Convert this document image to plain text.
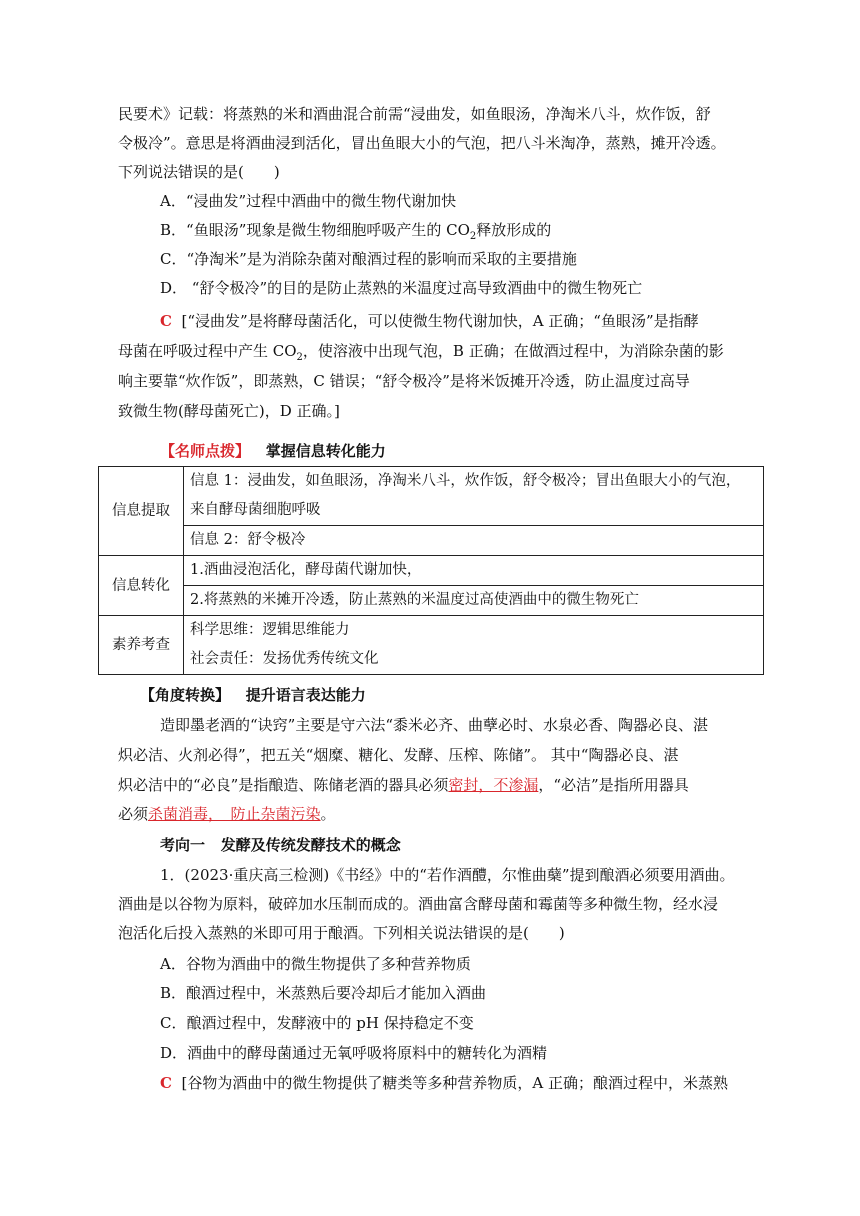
民要术》记载：将蒸熟的米和酒曲混合前需“浸曲发，如鱼眼汤，净淘米八斗，炊作饭，舒
令极冷”。意思是将酒曲浸到活化，冒出鱼眼大小的气泡，把八斗米淘净，蒸熟，摊开冷透。
下列说法错误的是(　　)
A．“浸曲发”过程中酒曲中的微生物代谢加快
B．“鱼眼汤”现象是微生物细胞呼吸产生的 $CO_2$释放形成的
C．“净淘米”是为消除杂菌对酿酒过程的影响而采取的主要措施
D． “舒令极冷”的目的是防止蒸熟的米温度过高导致酒曲中的微生物死亡
C [“浸曲发”是将酵母菌活化，可以使微生物代谢加快，A 正确；“鱼眼汤”是指酵
母菌在呼吸过程中产生 $CO_2$，使溶液中出现气泡，B 正确；在做酒过程中，为消除杂菌的影
响主要靠“炊作饭”，即蒸熟，C 错误；“舒令极冷”是将米饭摊开冷透，防止温度过高导
致微生物(酵母菌死亡)，D 正确。]
【名师点拨】 掌握信息转化能力
信息提取	信息 1：浸曲发，如鱼眼汤，净淘米八斗，炊作饭，舒令极冷；冒出鱼眼大小的气泡，
来自酵母菌细胞呼吸

	信息 2：舒令极冷

信息转化	1.酒曲浸泡活化，酵母菌代谢加快，

	2.将蒸熟的米摊开冷透，防止蒸熟的米温度过高使酒曲中的微生物死亡

素养考查	科学思维：逻辑思维能力
社会责任：发扬优秀传统文化
【角度转换】 提升语言表达能力
造即墨老酒的“诀窍”主要是守六法“黍米必齐、曲孽必时、水泉必香、陶器必良、湛
炽必洁、火剂必得”，把五关“烟糜、糖化、发酵、压榨、陈储”。 其中“陶器必良、湛
炽必洁中的“必良”是指酿造、陈储老酒的器具必须密封，不渗漏，“必洁”是指所用器具
必须杀菌消毒，　防止杂菌污染。
考向一 发酵及传统发酵技术的概念
1．(2023·重庆高三检测)《书经》中的“若作酒醴，尔惟曲蘖”提到酿酒必须要用酒曲。
酒曲是以谷物为原料，破碎加水压制而成的。酒曲富含酵母菌和霉菌等多种微生物，经水浸
泡活化后投入蒸熟的米即可用于酿酒。下列相关说法错误的是(　　)
A．谷物为酒曲中的微生物提供了多种营养物质
B．酿酒过程中，米蒸熟后要冷却后才能加入酒曲
C．酿酒过程中，发酵液中的 pH 保持稳定不变
D．酒曲中的酵母菌通过无氧呼吸将原料中的糖转化为酒精
C [谷物为酒曲中的微生物提供了糖类等多种营养物质，A 正确；酿酒过程中，米蒸熟
